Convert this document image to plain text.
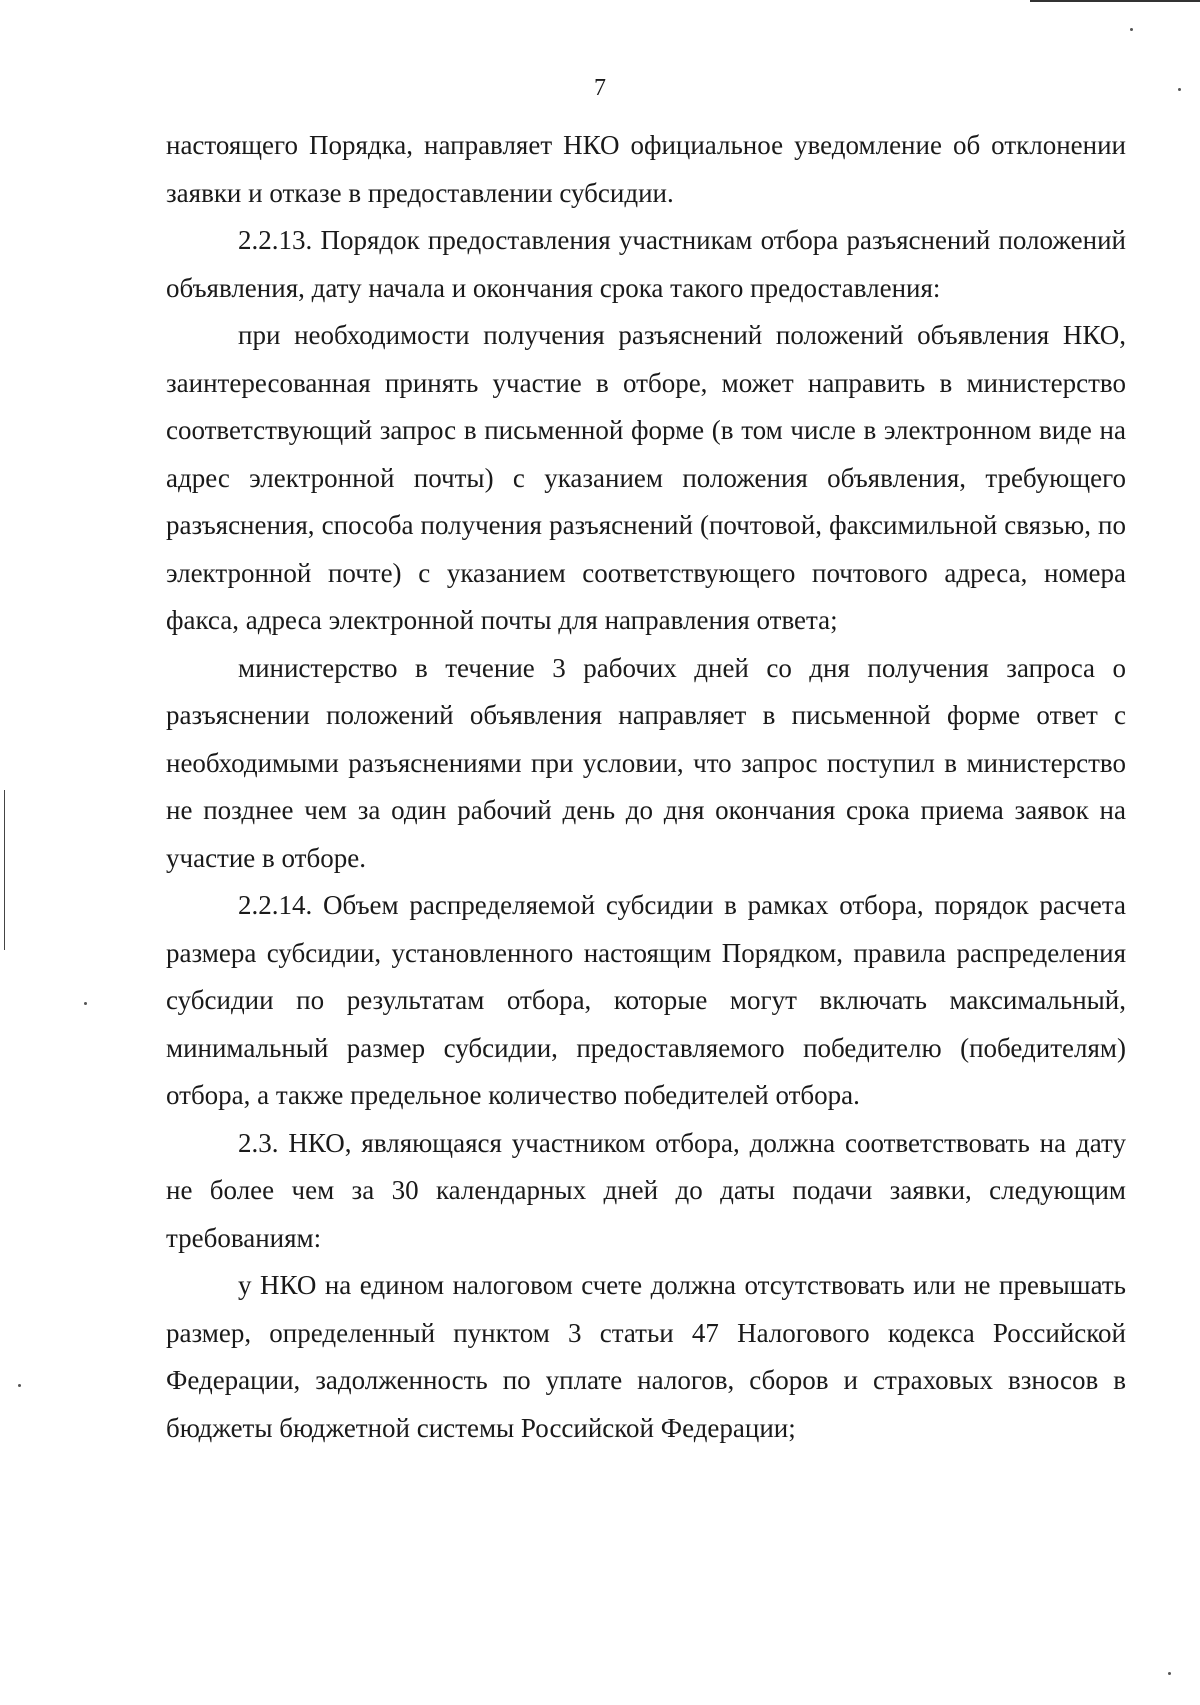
7

настоящего Порядка, направляет НКО официальное уведомление об отклонении заявки и отказе в предоставлении субсидии.

2.2.13. Порядок предоставления участникам отбора разъяснений положений объявления, дату начала и окончания срока такого предоставления:

при необходимости получения разъяснений положений объявления НКО, заинтересованная принять участие в отборе, может направить в министерство соответствующий запрос в письменной форме (в том числе в электронном виде на адрес электронной почты) с указанием положения объявления, требующего разъяснения, способа получения разъяснений (почтовой, факсимильной связью, по электронной почте) с указанием соответствующего почтового адреса, номера факса, адреса электронной почты для направления ответа;

министерство в течение 3 рабочих дней со дня получения запроса о разъяснении положений объявления направляет в письменной форме ответ с необходимыми разъяснениями при условии, что запрос поступил в министерство не позднее чем за один рабочий день до дня окончания срока приема заявок на участие в отборе.

2.2.14. Объем распределяемой субсидии в рамках отбора, порядок расчета размера субсидии, установленного настоящим Порядком, правила распределения субсидии по результатам отбора, которые могут включать максимальный, минимальный размер субсидии, предоставляемого победителю (победителям) отбора, а также предельное количество победителей отбора.

2.3. НКО, являющаяся участником отбора, должна соответствовать на дату не более чем за 30 календарных дней до даты подачи заявки, следующим требованиям:

у НКО на едином налоговом счете должна отсутствовать или не превышать размер, определенный пунктом 3 статьи 47 Налогового кодекса Российской Федерации, задолженность по уплате налогов, сборов и страховых взносов в бюджеты бюджетной системы Российской Федерации;
